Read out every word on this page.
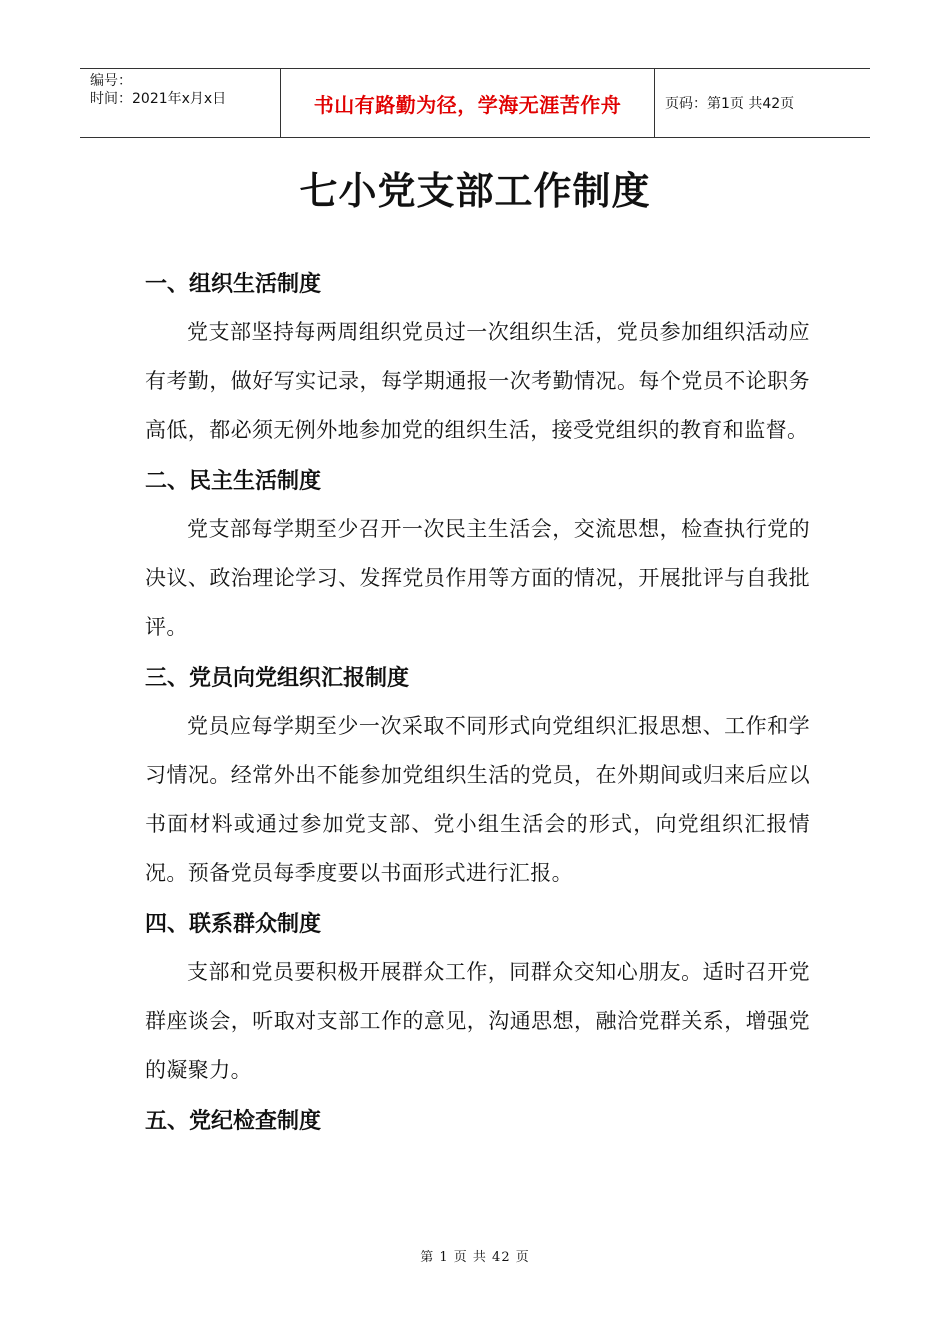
编号：
时间：2021年x月x日	书山有路勤为径，学海无涯苦作舟	页码：第1页 共42页
七小党支部工作制度
一、组织生活制度

党支部坚持每两周组织党员过一次组织生活，党员参加组织活动应有考勤，做好写实记录，每学期通报一次考勤情况。每个党员不论职务高低，都必须无例外地参加党的组织生活，接受党组织的教育和监督。

二、民主生活制度

党支部每学期至少召开一次民主生活会，交流思想，检查执行党的决议、政治理论学习、发挥党员作用等方面的情况，开展批评与自我批评。

三、党员向党组织汇报制度

党员应每学期至少一次采取不同形式向党组织汇报思想、工作和学习情况。经常外出不能参加党组织生活的党员，在外期间或归来后应以书面材料或通过参加党支部、党小组生活会的形式，向党组织汇报情况。预备党员每季度要以书面形式进行汇报。

四、联系群众制度

支部和党员要积极开展群众工作，同群众交知心朋友。适时召开党群座谈会，听取对支部工作的意见，沟通思想，融洽党群关系，增强党的凝聚力。

五、党纪检查制度
第 1 页 共 42 页
